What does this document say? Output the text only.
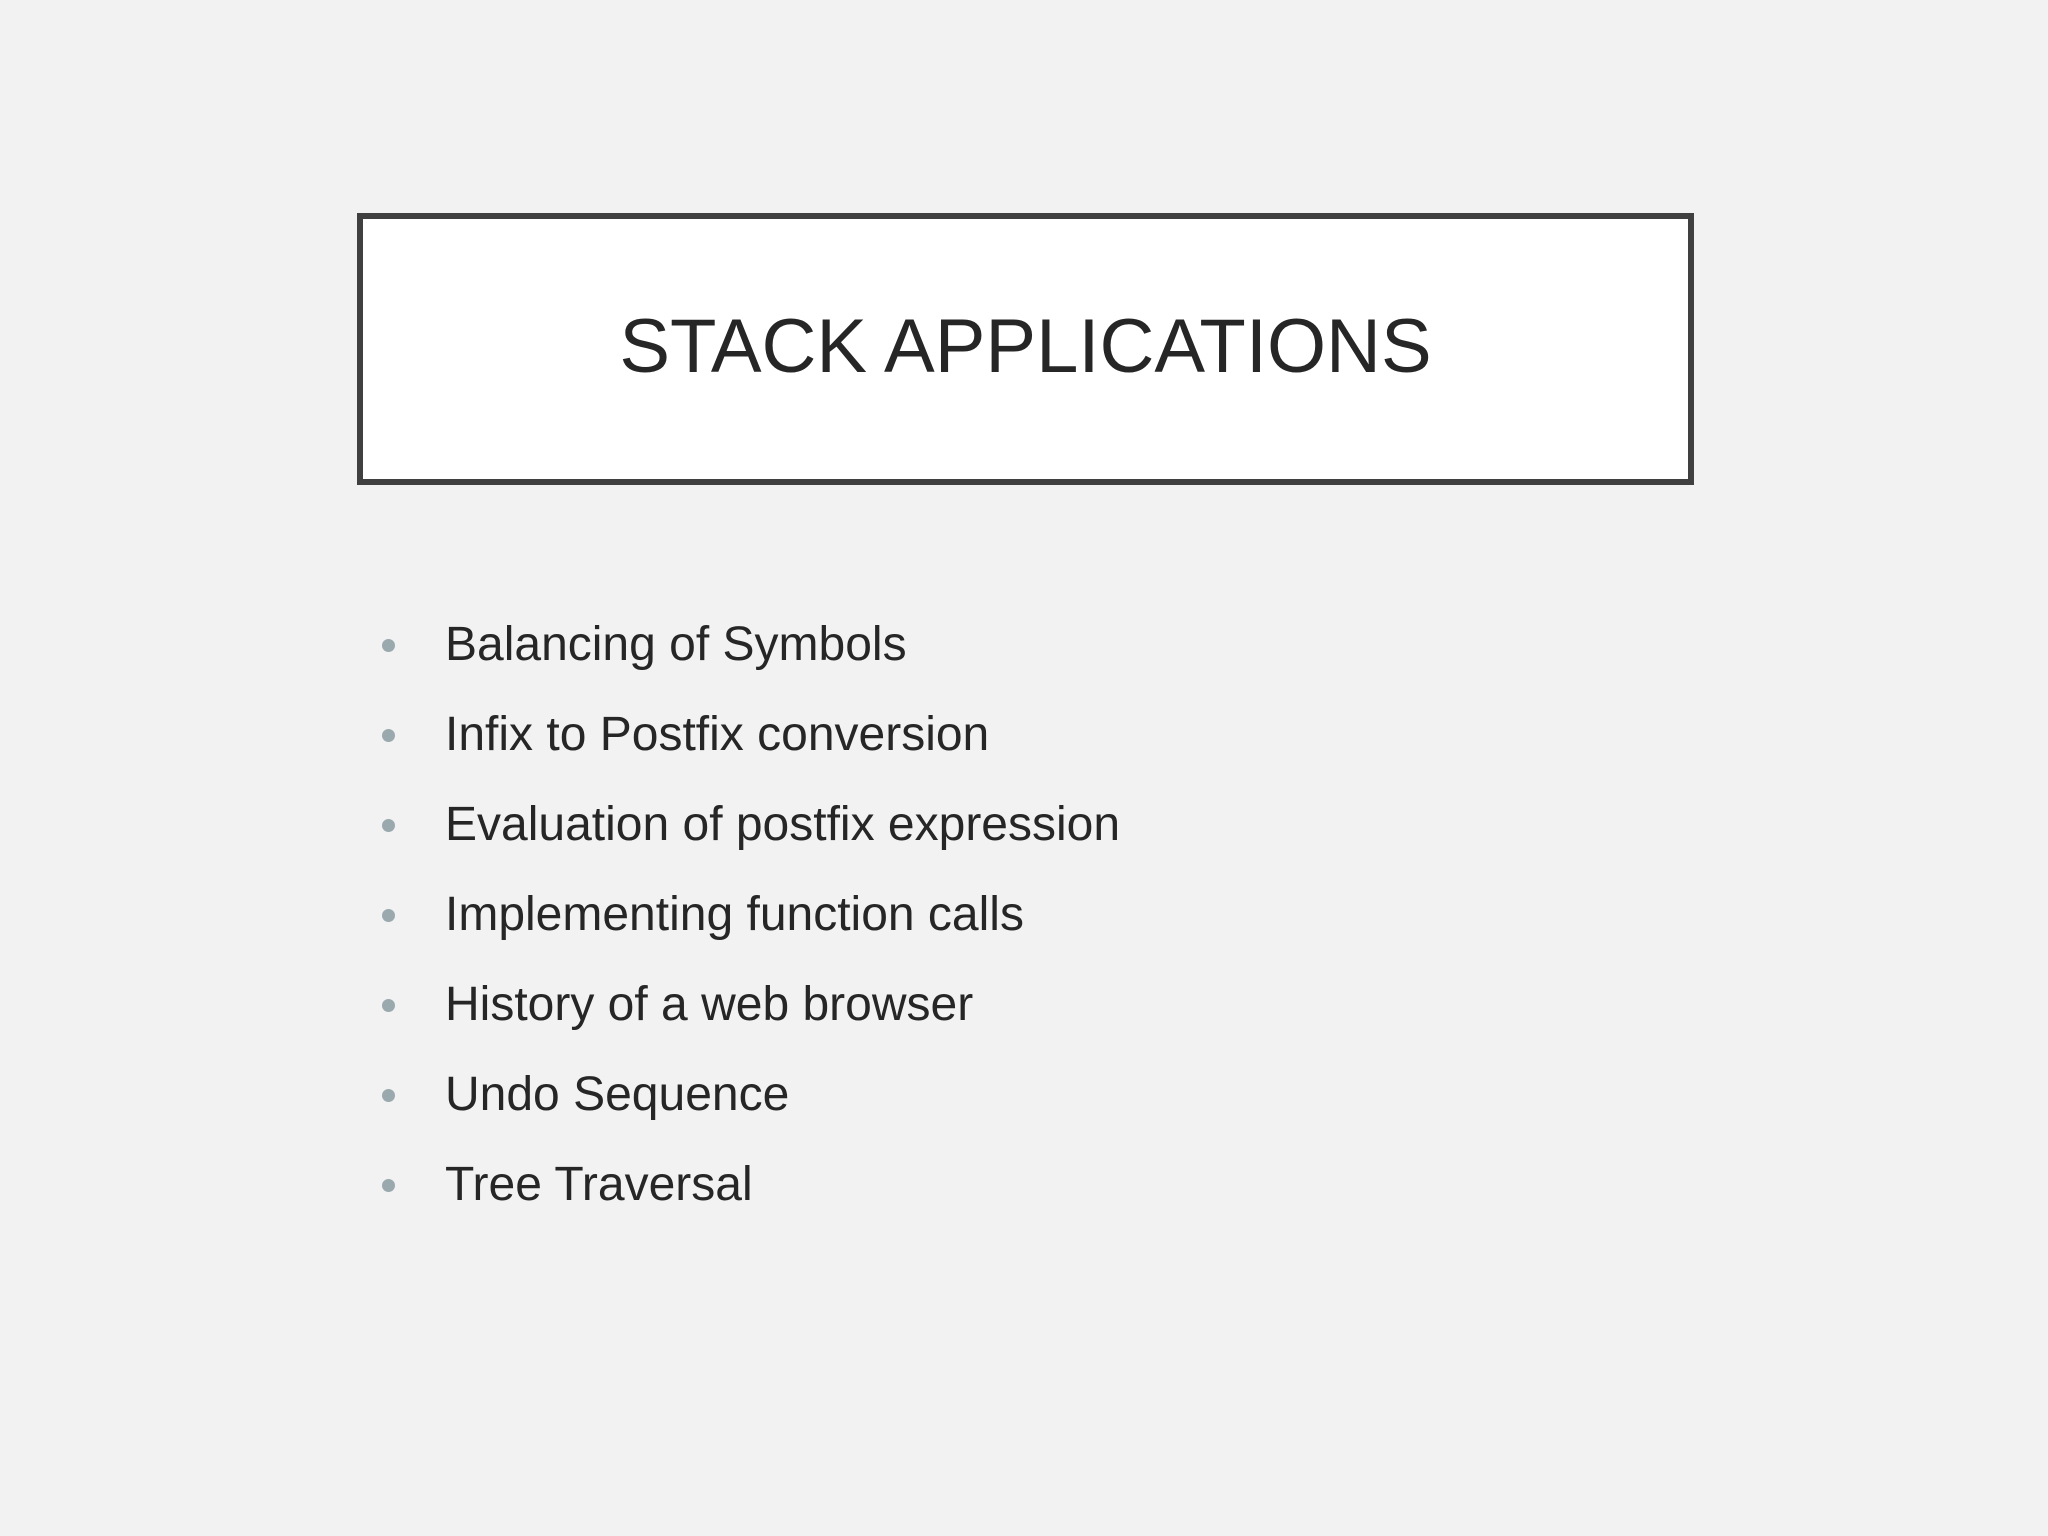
STACK APPLICATIONS
Balancing of Symbols
Infix to Postfix conversion
Evaluation of postfix expression
Implementing function calls
History of a web browser
Undo Sequence
Tree Traversal
